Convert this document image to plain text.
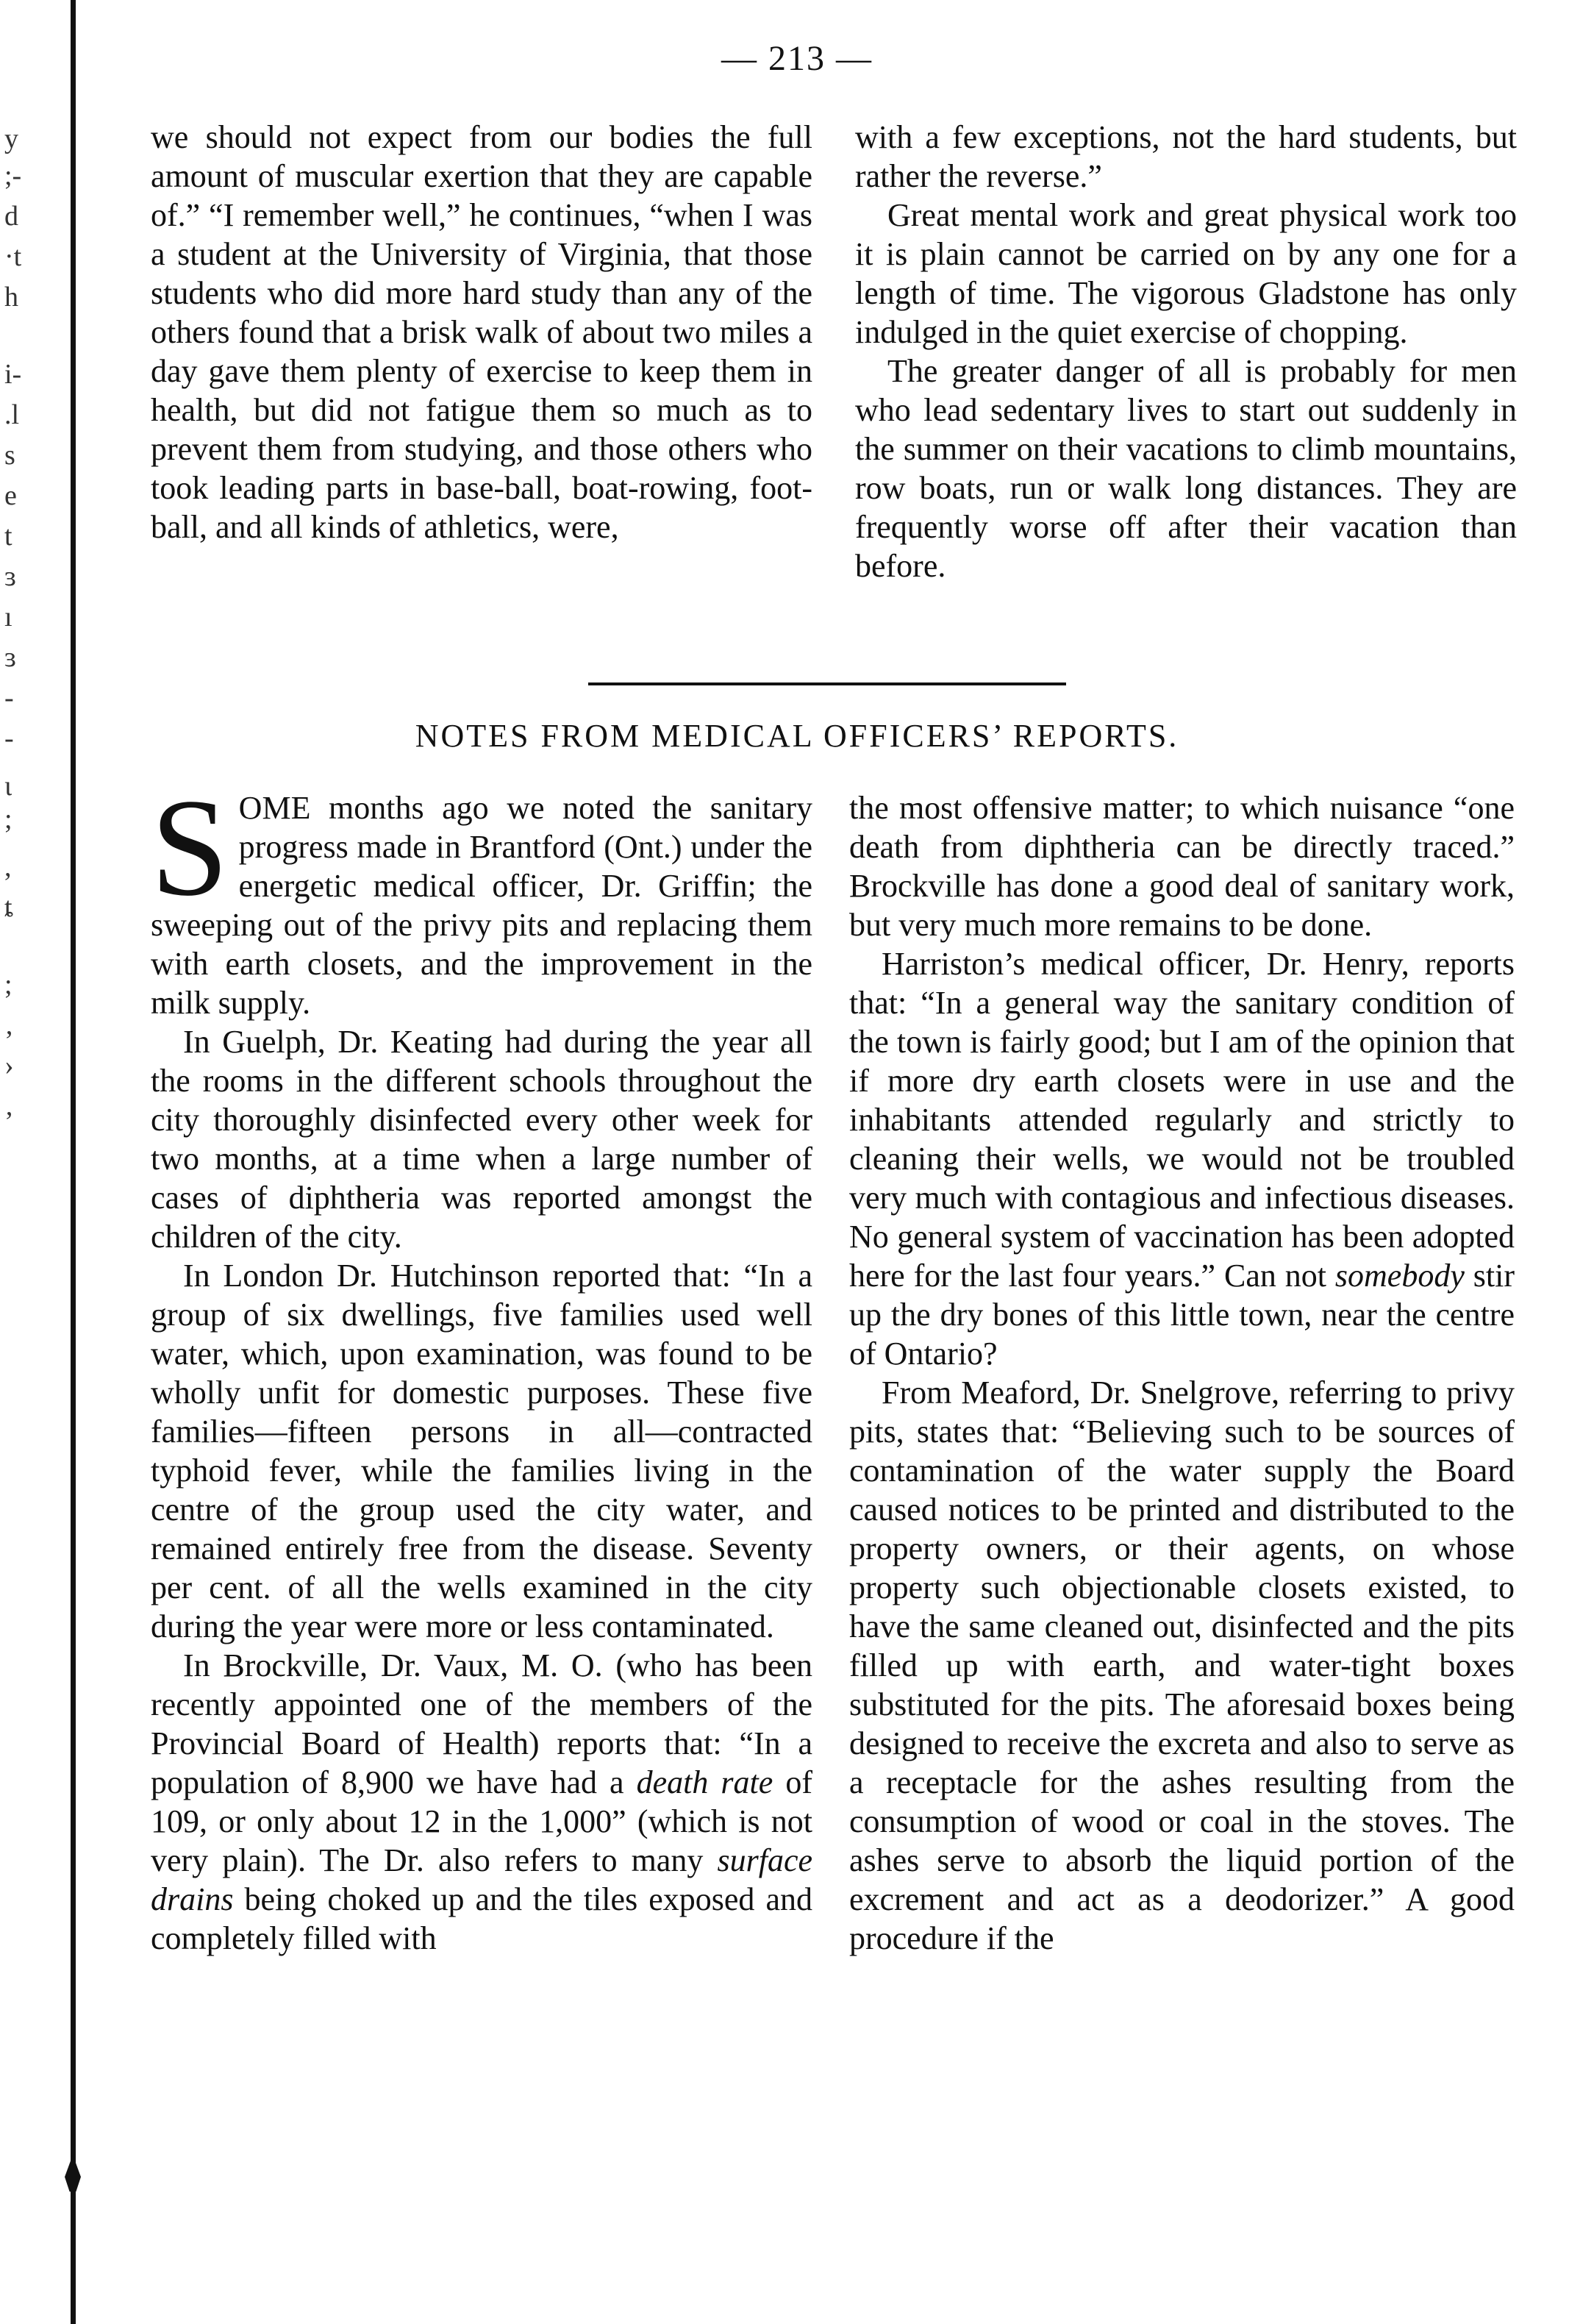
y
;-
d
·t
h
i-
.l
s
e
t
ɜ
ı
ɜ
-
-
ι
;
,
ȶ
;
‚
›
‚
— 213 —

we should not expect from our bodies the full amount of muscular exertion that they are capable of.” “I remember well,” he continues, “when I was a student at the University of Virginia, that those students who did more hard study than any of the others found that a brisk walk of about two miles a day gave them plenty of exercise to keep them in health, but did not fatigue them so much as to prevent them from studying, and those others who took leading parts in base-ball, boat-rowing, foot-ball, and all kinds of athletics, were,

with a few exceptions, not the hard students, but rather the reverse.”

Great mental work and great physical work too it is plain cannot be carried on by any one for a length of time. The vigorous Gladstone has only indulged in the quiet exercise of chopping.

The greater danger of all is probably for men who lead sedentary lives to start out suddenly in the summer on their vacations to climb mountains, row boats, run or walk long distances. They are frequently worse off after their vacation than before.

NOTES FROM MEDICAL OFFICERS’ REPORTS.

SOME months ago we noted the sanitary progress made in Brantford (Ont.) under the energetic medical officer, Dr. Griffin; the sweeping out of the privy pits and replacing them with earth closets, and the improvement in the milk supply.

In Guelph, Dr. Keating had during the year all the rooms in the different schools throughout the city thoroughly disinfected every other week for two months, at a time when a large number of cases of diphtheria was reported amongst the children of the city.

In London Dr. Hutchinson reported that: “In a group of six dwellings, five families used well water, which, upon examination, was found to be wholly unfit for domestic purposes. These five families—fifteen persons in all—contracted typhoid fever, while the families living in the centre of the group used the city water, and remained entirely free from the disease. Seventy per cent. of all the wells examined in the city during the year were more or less contaminated.

In Brockville, Dr. Vaux, M. O. (who has been recently appointed one of the members of the Provincial Board of Health) reports that: “In a population of 8,900 we have had a death rate of 109, or only about 12 in the 1,000” (which is not very plain). The Dr. also refers to many surface drains being choked up and the tiles exposed and completely filled with

the most offensive matter; to which nuisance “one death from diphtheria can be directly traced.” Brockville has done a good deal of sanitary work, but very much more remains to be done.

Harriston’s medical officer, Dr. Henry, reports that: “In a general way the sanitary condition of the town is fairly good; but I am of the opinion that if more dry earth closets were in use and the inhabitants attended regularly and strictly to cleaning their wells, we would not be troubled very much with contagious and infectious diseases. No general system of vaccination has been adopted here for the last four years.” Can not somebody stir up the dry bones of this little town, near the centre of Ontario?

From Meaford, Dr. Snelgrove, referring to privy pits, states that: “Believing such to be sources of contamination of the water supply the Board caused notices to be printed and distributed to the property owners, or their agents, on whose property such objectionable closets existed, to have the same cleaned out, disinfected and the pits filled up with earth, and water-tight boxes substituted for the pits. The aforesaid boxes being designed to receive the excreta and also to serve as a receptacle for the ashes resulting from the consumption of wood or coal in the stoves. The ashes serve to absorb the liquid portion of the excrement and act as a deodorizer.” A good procedure if the
